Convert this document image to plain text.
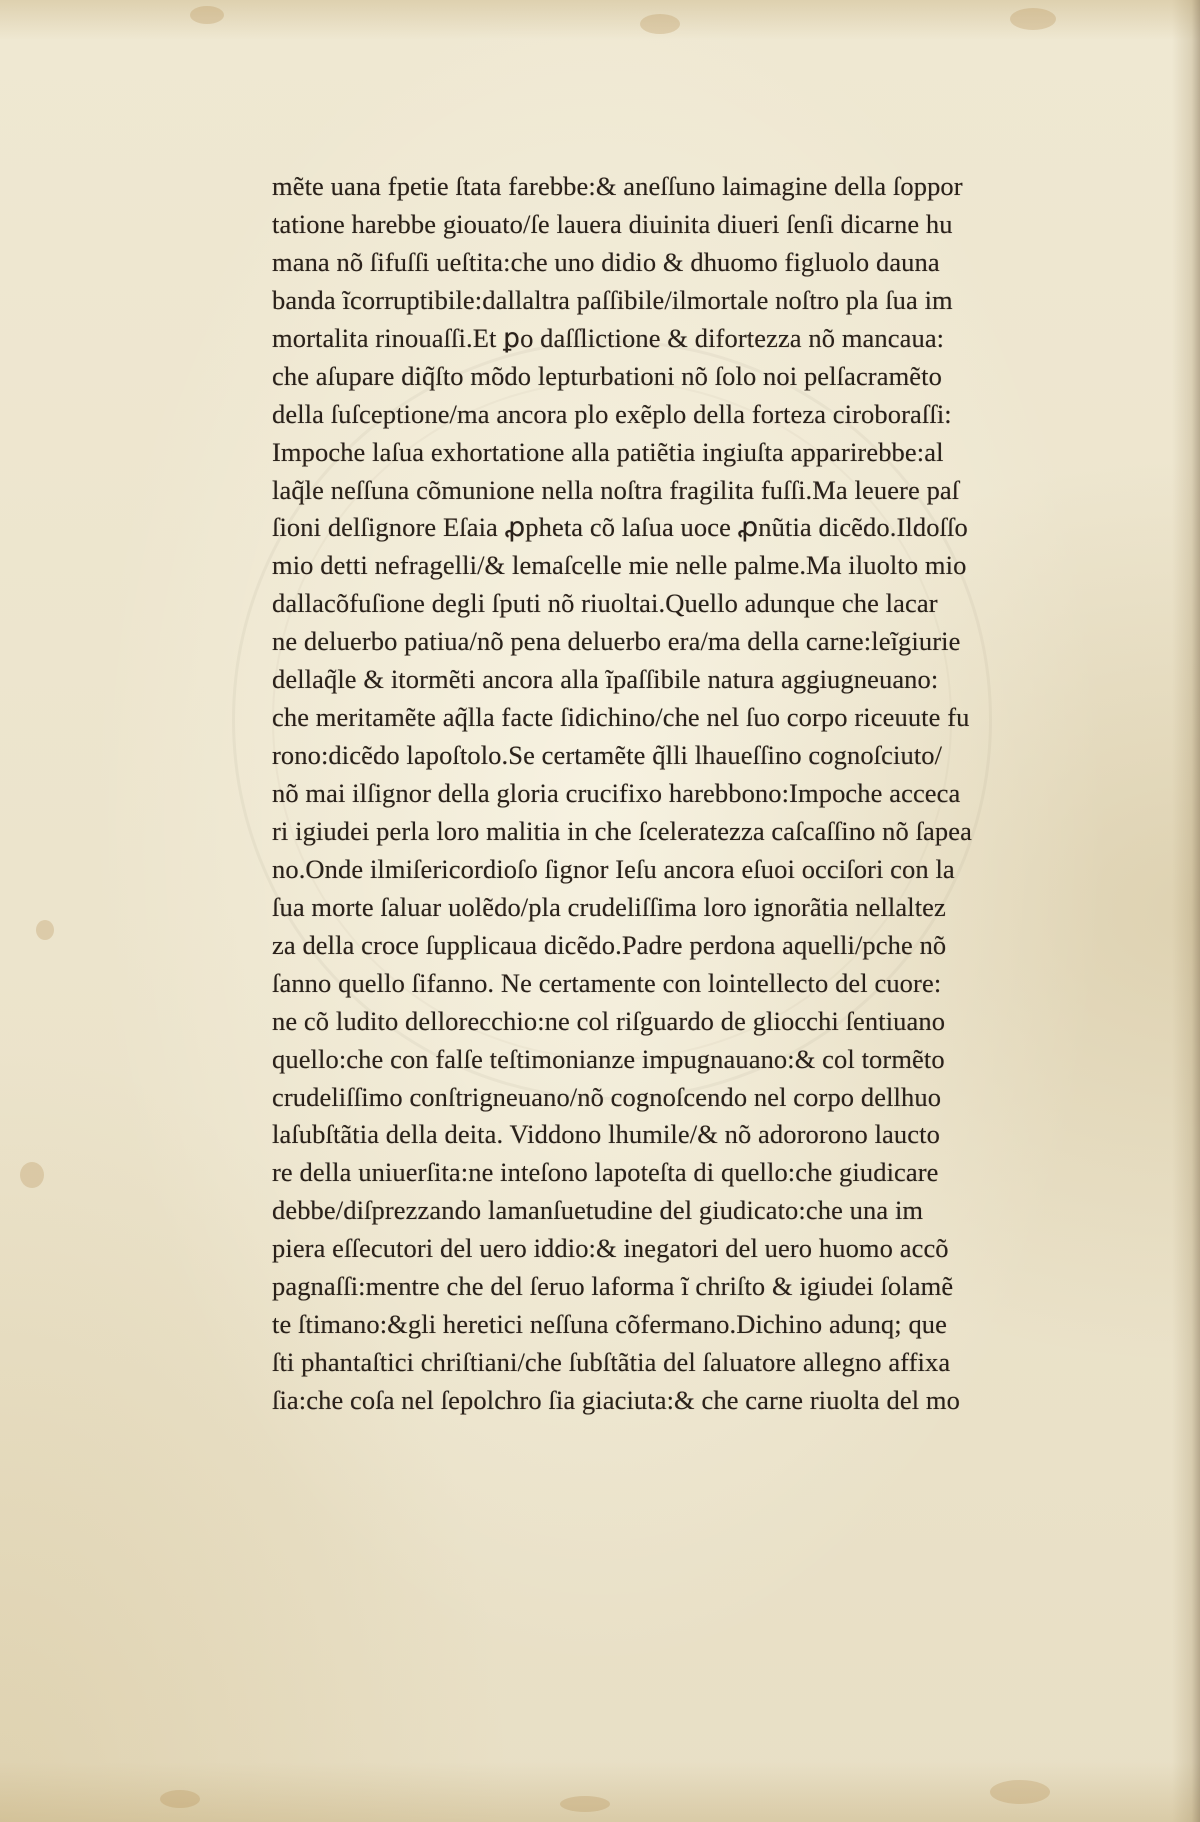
mẽte uana fpetie ſtata farebbe:& aneſſuno laimagine della ſoppor
tatione harebbe giouato/ſe lauera diuinita diueri ſenſi dicarne hu
mana nõ ſifuſſi ueſtita:che uno didio & dhuomo figluolo dauna
banda ĩcorruptibile:dallaltra paſſibile/ilmortale noſtro pla ſua im
mortalita rinouaſſi.Et ꝑo daſſlictione & difortezza nõ mancaua:
che aſupare diq̃ſto mõdo lepturbationi nõ ſolo noi pelſacramẽto
della ſuſceptione/ma ancora plo exẽplo della forteza ciroboraſſi:
Impoche laſua exhortatione alla patiẽtia ingiuſta apparirebbe:al
laq̃le neſſuna cõmunione nella noſtra fragilita fuſſi.Ma leuere paſ
ſioni delſignore Eſaia ꝓpheta cõ laſua uoce ꝓnũtia dicẽdo.Ildoſſo
mio detti nefragelli/& lemaſcelle mie nelle palme.Ma iluolto mio
dallacõfuſione degli ſputi nõ riuoltai.Quello adunque che lacar
ne deluerbo patiua/nõ pena deluerbo era/ma della carne:leĩgiurie
dellaq̃le & itormẽti ancora alla ĩpaſſibile natura aggiugneuano:
che meritamẽte aq̃lla facte ſidichino/che nel ſuo corpo riceuute fu
rono:dicẽdo lapoſtolo.Se certamẽte q̃lli lhaueſſino cognoſciuto/
nõ mai ilſignor della gloria crucifixo harebbono:Impoche acceca
ri igiudei perla loro malitia in che ſceleratezza caſcaſſino nõ ſapea
no.Onde ilmiſericordioſo ſignor Ieſu ancora eſuoi occiſori con la
ſua morte ſaluar uolẽdo/pla crudeliſſima loro ignorãtia nellaltez
za della croce ſupplicaua dicẽdo.Padre perdona aquelli/pche nõ
ſanno quello ſifanno. Ne certamente con lointellecto del cuore:
ne cõ ludito dellorecchio:ne col riſguardo de gliocchi ſentiuano
quello:che con falſe teſtimonianze impugnauano:& col tormẽto
crudeliſſimo conſtrigneuano/nõ cognoſcendo nel corpo dellhuo
laſubſtãtia della deita. Viddono lhumile/& nõ adororono lauctо
re della uniuerſita:ne inteſono lapoteſta di quello:che giudicare
debbe/diſprezzando lamanſuetudine del giudicato:che una im
piera eſſecutori del uero iddio:& inegatori del uero huomo accõ
pagnaſſi:mentre che del ſeruo laforma ĩ chriſto & igiudei ſolamẽ
te ſtimano:&gli heretici neſſuna cõfermano.Dichino adunq; que
ſti phantaſtici chriſtiani/che ſubſtãtia del ſaluatore allegno affixa
ſia:che coſa nel ſepolchro ſia giaciuta:& che carne riuolta del mo
